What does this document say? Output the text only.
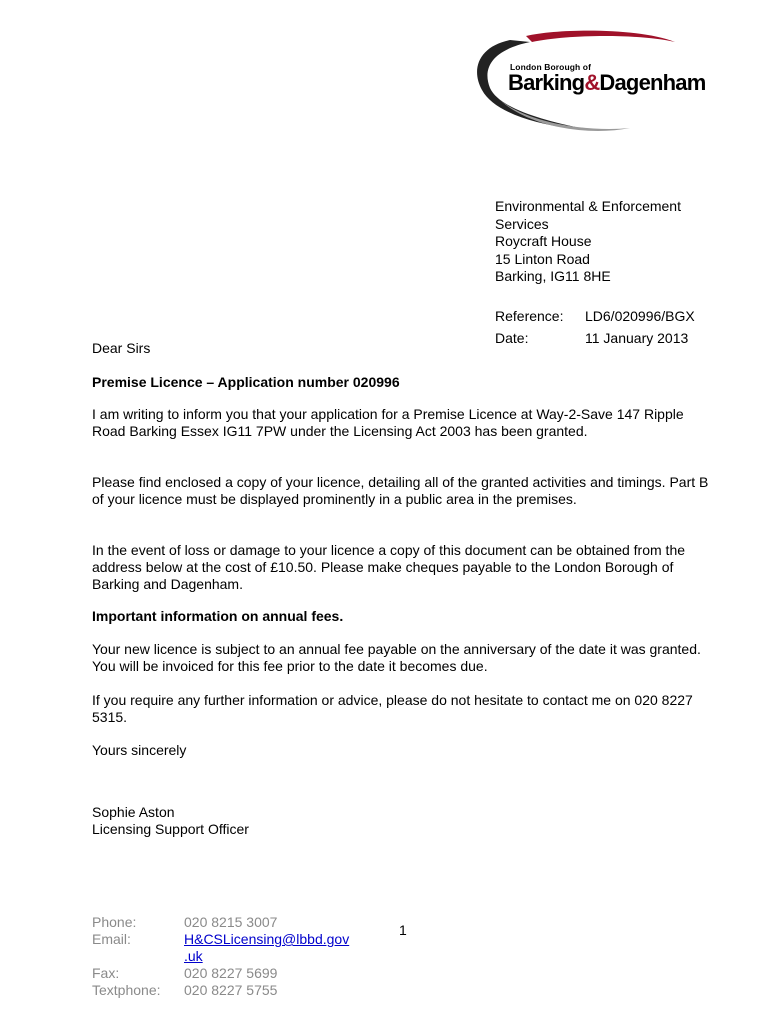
London Borough of
Barking&Dagenham
Environmental & Enforcement
Services
Roycraft House
15 Linton Road
Barking, IG11 8HE
Reference: LD6/020996/BGX
Date:	11 January 2013
Dear Sirs
Premise Licence – Application number 020996
I am writing to inform you that your application for a Premise Licence at Way-2-Save 147 Ripple Road Barking Essex IG11 7PW under the Licensing Act 2003 has been granted.
Please find enclosed a copy of your licence, detailing all of the granted activities and timings. Part B of your licence must be displayed prominently in a public area in the premises.
In the event of loss or damage to your licence a copy of this document can be obtained from the address below at the cost of £10.50. Please make cheques payable to the London Borough of Barking and Dagenham.
Important information on annual fees.
Your new licence is subject to an annual fee payable on the anniversary of the date it was granted. You will be invoiced for this fee prior to the date it becomes due.
If you require any further information or advice, please do not hesitate to contact me on 020 8227 5315.
Yours sincerely
Sophie Aston
Licensing Support Officer
Phone:	020 8215 3007
Email:	H&CSLicensing@lbbd.gov
.uk
Fax:	020 8227 5699
Textphone: 020 8227 5755
1
